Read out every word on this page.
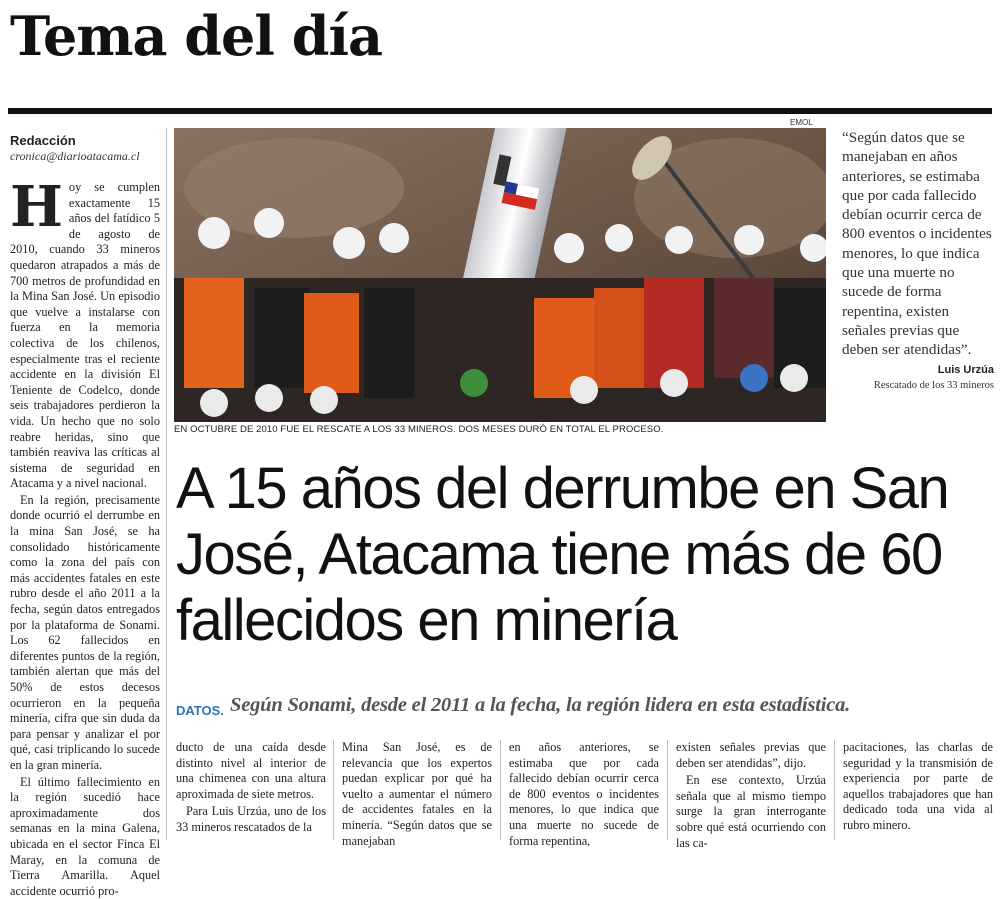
Tema del día
Redacción
cronica@diarioatacama.cl

Hoy se cumplen exactamente 15 años del fatídico 5 de agosto de 2010, cuando 33 mineros quedaron atrapados a más de 700 metros de profundidad en la Mina San José. Un episodio que vuelve a instalarse con fuerza en la memoria colectiva de los chilenos, especialmente tras el reciente accidente en la división El Teniente de Codelco, donde seis trabajadores perdieron la vida. Un hecho que no solo reabre heridas, sino que también reaviva las críticas al sistema de seguridad en Atacama y a nivel nacional.

En la región, precisamente donde ocurrió el derrumbe en la mina San José, se ha consolidado históricamente como la zona del país con más accidentes fatales en este rubro desde el año 2011 a la fecha, según datos entregados por la plataforma de Sonami. Los 62 fallecidos en diferentes puntos de la región, también alertan que más del 50% de estos decesos ocurrieron en la pequeña minería, cifra que sin duda da para pensar y analizar el por qué, casi triplicando lo sucede en la gran minería.

El último fallecimiento en la región sucedió hace aproximadamente dos semanas en la mina Galena, ubicada en el sector Finca El Maray, en la comuna de Tierra Amarilla. Aquel accidente ocurrió pro-

EMOL
EN OCTUBRE DE 2010 FUE EL RESCATE A LOS 33 MINEROS. DOS MESES DURÓ EN TOTAL EL PROCESO.
“Según datos que se manejaban en años anteriores, se estimaba que por cada fallecido debían ocurrir cerca de 800 eventos o incidentes menores, lo que indica que una muerte no sucede de forma repentina, existen señales previas que deben ser atendidas”.
Luis Urzúa
Rescatado de los 33 mineros
A 15 años del derrumbe en San José, Atacama tiene más de 60 fallecidos en minería
DATOS. Según Sonami, desde el 2011 a la fecha, la región lidera en esta estadística.

ducto de una caída desde distinto nivel al interior de una chimenea con una altura aproximada de siete metros.

Para Luis Urzúa, uno de los 33 mineros rescatados de la

Mina San José, es de relevancia que los expertos puedan explicar por qué ha vuelto a aumentar el número de accidentes fatales en la minería. “Según datos que se manejaban

en años anteriores, se estimaba que por cada fallecido debían ocurrir cerca de 800 eventos o incidentes menores, lo que indica que una muerte no sucede de forma repentina,

existen señales previas que deben ser atendidas”, dijo.

En ese contexto, Urzúa señala que al mismo tiempo surge la gran interrogante sobre qué está ocurriendo con las ca-

pacitaciones, las charlas de seguridad y la transmisión de experiencia por parte de aquellos trabajadores que han dedicado toda una vida al rubro minero.
